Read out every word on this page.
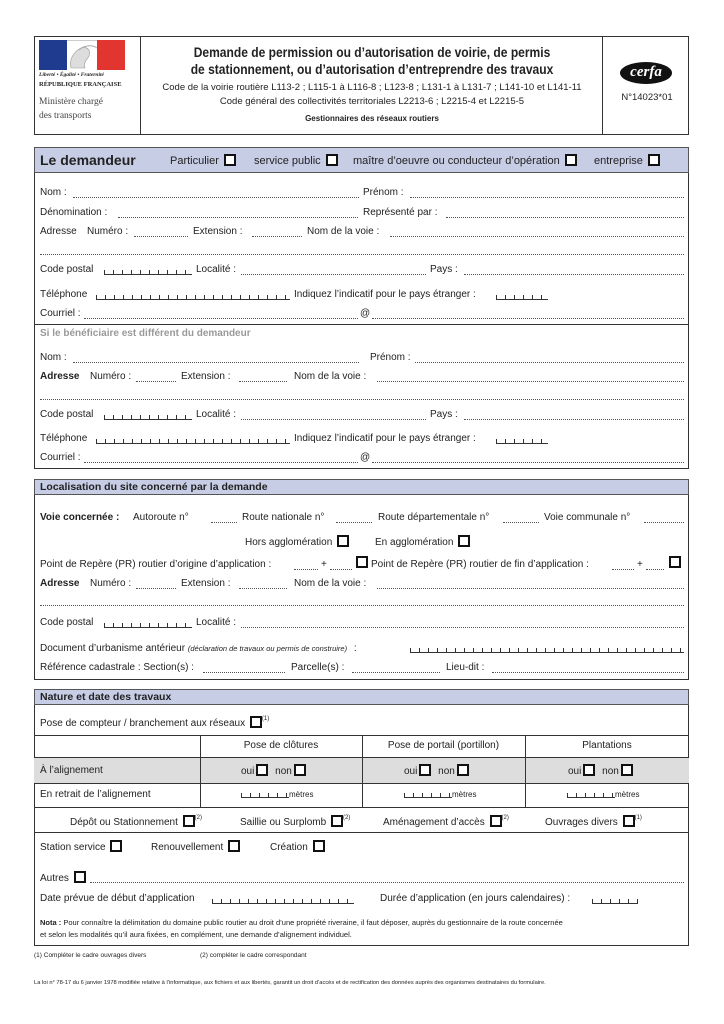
Liberté • Égalité • Fraternité
RÉPUBLIQUE FRANÇAISE
Ministère chargé
des transports
Demande de permission ou d’autorisation de voirie, de permis
de stationnement, ou d’autorisation d’entreprendre des travaux
Code de la voirie routière L113-2 ; L115-1 à L116-8 ; L123-8 ; L131-1 à L131-7 ; L141-10 et L141-11
Code général des collectivités territoriales L2213-6 ; L2215-4 et L2215-5
Gestionnaires des réseaux routiers
cerfa
N°14023*01
Le demandeur	Particulier	service public	maître d’oeuvre ou conducteur d’opération	entreprise
Nom :	Prénom :
Dénomination :	Représenté par :
Adresse Numéro :	Extension :	Nom de la voie :
Code postal	Localité :	Pays :
Téléphone	Indiquez l’indicatif pour le pays étranger :
Courriel :	@
Si le bénéficiaire est différent du demandeur
Nom :	Prénom :
Adresse Numéro :	Extension :	Nom de la voie :
Code postal	Localité :	Pays :
Téléphone	Indiquez l’indicatif pour le pays étranger :
Courriel :	@
Localisation du site concerné par la demande
Voie concernée : Autoroute n°	Route nationale n°	Route départementale n°	Voie communale n°
Hors agglomération	En agglomération
Point de Repère (PR) routier d’origine d’application :	+	Point de Repère (PR) routier de fin d’application :	+
Adresse Numéro :	Extension :	Nom de la voie :
Code postal	Localité :
Document d’urbanisme antérieur (déclaration de travaux ou permis de construire) :
Référence cadastrale : Section(s) :	Parcelle(s) :	Lieu-dit :
Nature et date des travaux
Pose de compteur / branchement aux réseaux	$^{(1)}$
Pose de clôtures	Pose de portail (portillon)	Plantations
À l’alignement	oui non	oui non	oui non
En retrait de l’alignement	mètres	mètres	mètres
Dépôt ou Stationnement	$^{(2)}$	Saillie ou Surplomb	$^{(2)}$	Aménagement d’accès	$^{(2)}$	Ouvrages divers	$^{(1)}$
Station service	Renouvellement	Création
Autres
Date prévue de début d’application	Durée d’application (en jours calendaires) :
Nota : Pour connaître la délimitation du domaine public routier au droit d’une propriété riveraine, il faut déposer, auprès du gestionnaire de la route concernée
et selon les modalités qu’il aura fixées, en complément, une demande d’alignement individuel.
(1) Compléter le cadre ouvrages divers	(2) compléter le cadre correspondant
La loi n° 78-17 du 6 janvier 1978 modifiée relative à l’informatique, aux fichiers et aux libertés, garantit un droit d’accès et de rectification des données auprès des organismes destinataires du formulaire.
